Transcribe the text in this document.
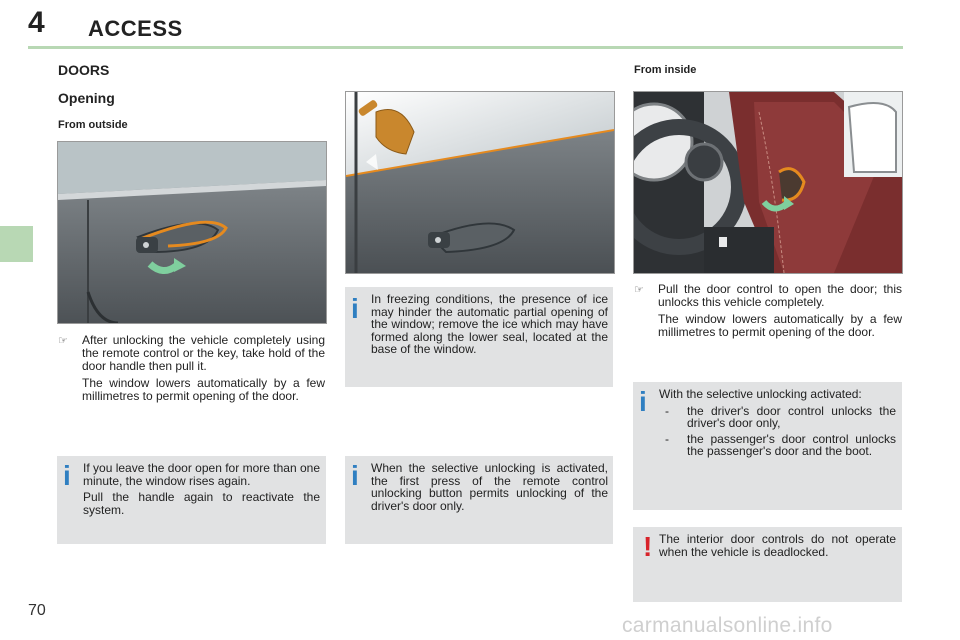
4 ACCESS
DOORS
Opening
From outside
☞ After unlocking the vehicle completely using the remote control or the key, take hold of the door handle then pull it.

The window lowers automatically by a few millimetres to permit opening of the door.

i If you leave the door open for more than one minute, the window rises again.

Pull the handle again to reactivate the system.

i In freezing conditions, the presence of ice may hinder the automatic partial opening of the window; remove the ice which may have formed along the lower seal, located at the base of the window.
i When the selective unlocking is activated, the first press of the remote control unlocking button permits unlocking of the driver's door only.
From inside
☞ Pull the door control to open the door; this unlocks this vehicle completely.

The window lowers automatically by a few millimetres to permit opening of the door.

i With the selective unlocking activated:

- the driver's door control unlocks the driver's door only,
- the passenger's door control unlocks the passenger's door and the boot.
! The interior door controls do not operate when the vehicle is deadlocked.
70
carmanualsonline.info
